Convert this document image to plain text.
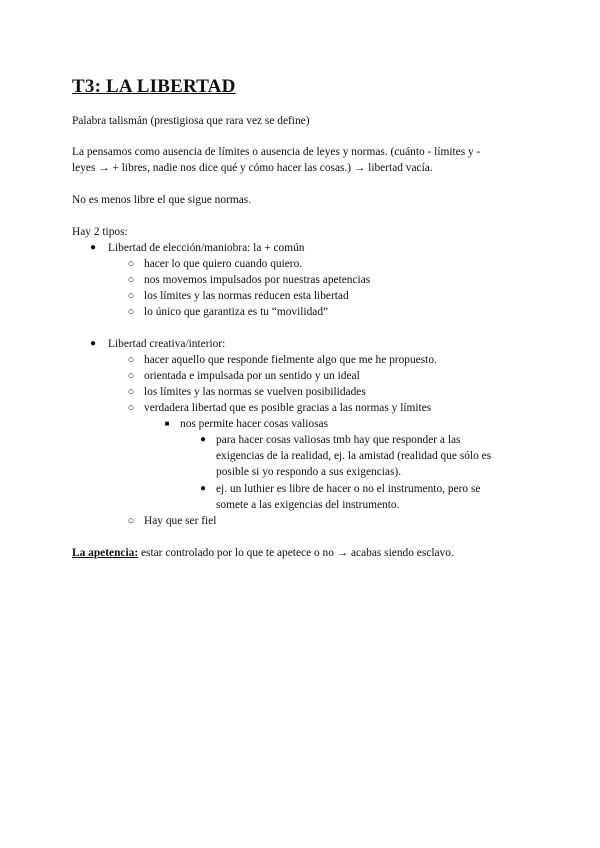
T3: LA LIBERTAD

Palabra talismán (prestigiosa que rara vez se define)

La pensamos como ausencia de límites o ausencia de leyes y normas. (cuánto - límites y -

leyes → + libres, nadie nos dice qué y cómo hacer las cosas.) → libertad vacía.

No es menos libre el que sigue normas.

Hay 2 tipos:

● Libertad de elección/maniobra: la + común

○ hacer lo que quiero cuando quiero.

○ nos movemos impulsados por nuestras apetencias

○ los límites y las normas reducen esta libertad

○ lo único que garantiza es tu “movilidad”

● Libertad creativa/interior:

○ hacer aquello que responde fielmente algo que me he propuesto.

○ orientada e impulsada por un sentido y un ideal

○ los límites y las normas se vuelven posibilidades

○ verdadera libertad que es posible gracias a las normas y límites

■ nos permite hacer cosas valiosas

● para hacer cosas valiosas tmb hay que responder a las

exigencias de la realidad, ej. la amistad (realidad que sólo es

posible si yo respondo a sus exigencias).

● ej. un luthier es libre de hacer o no el instrumento, pero se

somete a las exigencias del instrumento.

○ Hay que ser fiel

La apetencia: estar controlado por lo que te apetece o no → acabas siendo esclavo.
